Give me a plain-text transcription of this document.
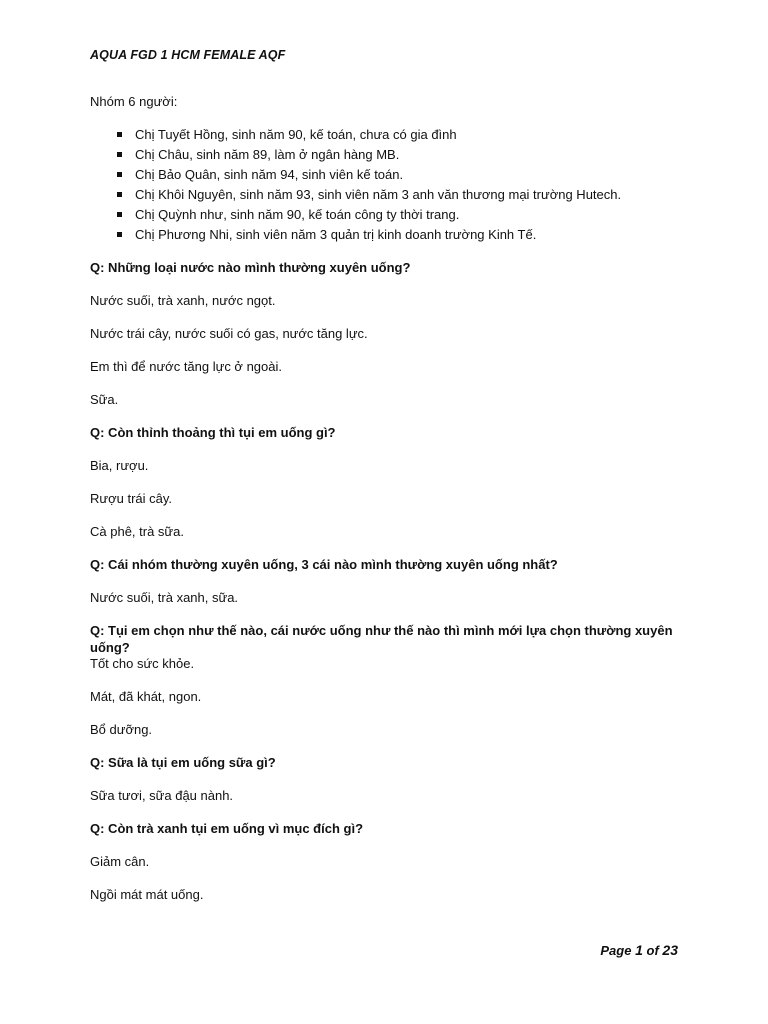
AQUA FGD 1 HCM FEMALE AQF
Nhóm 6 người:
Chị Tuyết Hồng, sinh năm 90, kế toán, chưa có gia đình
Chị Châu, sinh năm 89, làm ở ngân hàng MB.
Chị Bảo Quân, sinh năm 94, sinh viên kế toán.
Chị Khôi Nguyên, sinh năm 93, sinh viên năm 3 anh văn thương mại trường Hutech.
Chị Quỳnh như, sinh năm 90, kế toán công ty thời trang.
Chị Phương Nhi, sinh viên năm 3 quản trị kinh doanh trường Kinh Tế.
Q: Những loại nước nào mình thường xuyên uống?
Nước suối, trà xanh, nước ngọt.
Nước trái cây, nước suối có gas, nước tăng lực.
Em thì để nước tăng lực ở ngoài.
Sữa.
Q: Còn thỉnh thoảng thì tụi em uống gì?
Bia, rượu.
Rượu trái cây.
Cà phê, trà sữa.
Q: Cái nhóm thường xuyên uống, 3 cái nào mình thường xuyên uống nhất?
Nước suối, trà xanh, sữa.
Q: Tụi em chọn như thế nào, cái nước uống như thế nào thì mình mới lựa chọn thường xuyên uống?
Tốt cho sức khỏe.
Mát, đã khát, ngon.
Bổ dưỡng.
Q: Sữa là tụi em uống sữa gì?
Sữa tươi, sữa đậu nành.
Q: Còn trà xanh tụi em uống vì mục đích gì?
Giảm cân.
Ngồi mát mát uống.
Page 1 of 23
